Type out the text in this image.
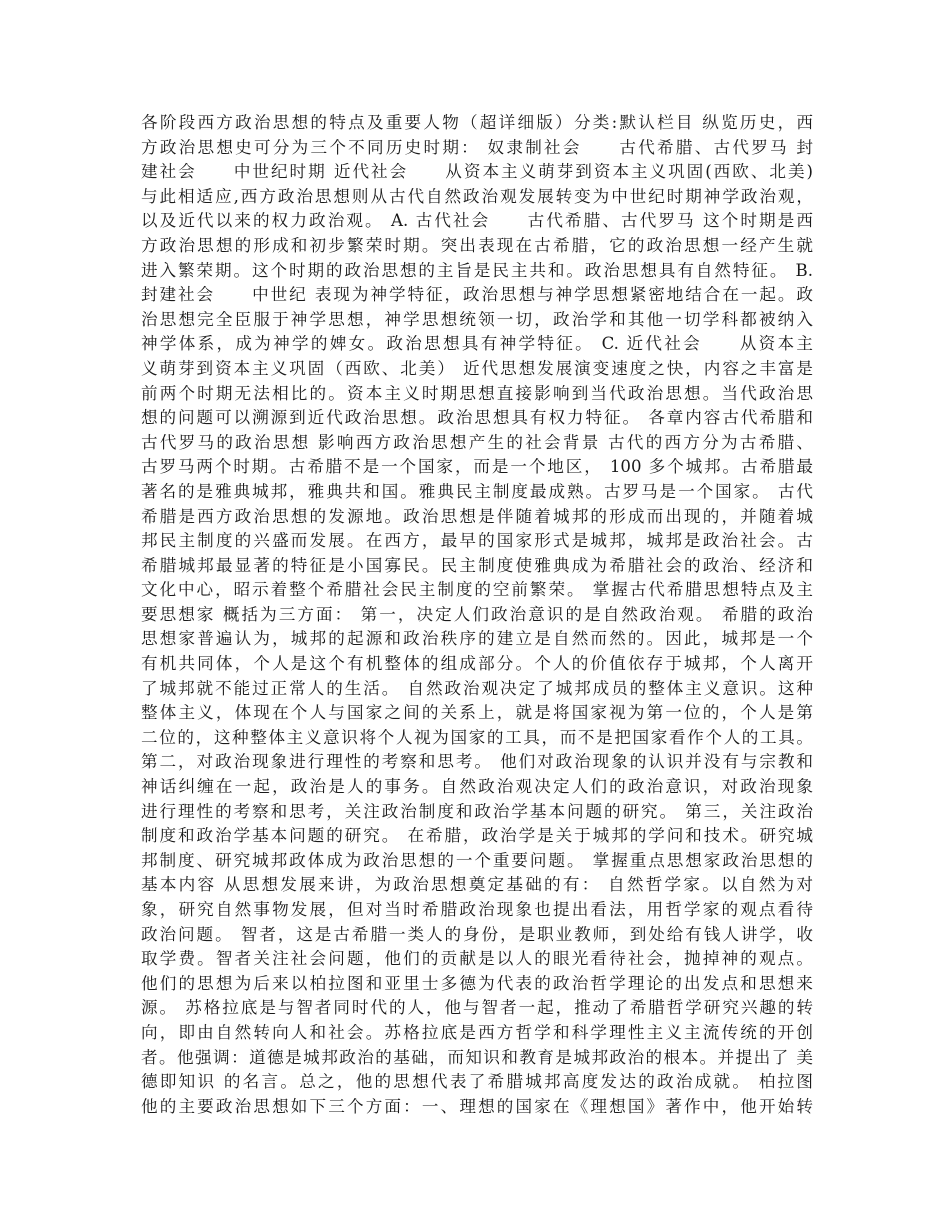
各阶段西方政治思想的特点及重要人物（超详细版）分类:默认栏目 纵览历史，西
方政治思想史可分为三个不同历史时期： 奴隶制社会　　古代希腊、古代罗马 封
建社会　　中世纪时期 近代社会　　从资本主义萌芽到资本主义巩固(西欧、北美)
与此相适应,西方政治思想则从古代自然政治观发展转变为中世纪时期神学政治观，
以及近代以来的权力政治观。 A. 古代社会　　古代希腊、古代罗马 这个时期是西
方政治思想的形成和初步繁荣时期。突出表现在古希腊，它的政治思想一经产生就
进入繁荣期。这个时期的政治思想的主旨是民主共和。政治思想具有自然特征。 B.
封建社会　　中世纪 表现为神学特征，政治思想与神学思想紧密地结合在一起。政
治思想完全臣服于神学思想，神学思想统领一切，政治学和其他一切学科都被纳入
神学体系，成为神学的婢女。政治思想具有神学特征。 C. 近代社会　　从资本主
义萌芽到资本主义巩固（西欧、北美） 近代思想发展演变速度之快，内容之丰富是
前两个时期无法相比的。资本主义时期思想直接影响到当代政治思想。当代政治思
想的问题可以溯源到近代政治思想。政治思想具有权力特征。 各章内容古代希腊和
古代罗马的政治思想 影响西方政治思想产生的社会背景 古代的西方分为古希腊、
古罗马两个时期。古希腊不是一个国家，而是一个地区， 100 多个城邦。古希腊最
著名的是雅典城邦，雅典共和国。雅典民主制度最成熟。古罗马是一个国家。 古代
希腊是西方政治思想的发源地。政治思想是伴随着城邦的形成而出现的，并随着城
邦民主制度的兴盛而发展。在西方，最早的国家形式是城邦，城邦是政治社会。古
希腊城邦最显著的特征是小国寡民。民主制度使雅典成为希腊社会的政治、经济和
文化中心，昭示着整个希腊社会民主制度的空前繁荣。 掌握古代希腊思想特点及主
要思想家 概括为三方面： 第一，决定人们政治意识的是自然政治观。 希腊的政治
思想家普遍认为，城邦的起源和政治秩序的建立是自然而然的。因此，城邦是一个
有机共同体，个人是这个有机整体的组成部分。个人的价值依存于城邦，个人离开
了城邦就不能过正常人的生活。 自然政治观决定了城邦成员的整体主义意识。这种
整体主义，体现在个人与国家之间的关系上，就是将国家视为第一位的，个人是第
二位的，这种整体主义意识将个人视为国家的工具，而不是把国家看作个人的工具。
第二，对政治现象进行理性的考察和思考。 他们对政治现象的认识并没有与宗教和
神话纠缠在一起，政治是人的事务。自然政治观决定人们的政治意识，对政治现象
进行理性的考察和思考，关注政治制度和政治学基本问题的研究。 第三，关注政治
制度和政治学基本问题的研究。 在希腊，政治学是关于城邦的学问和技术。研究城
邦制度、研究城邦政体成为政治思想的一个重要问题。 掌握重点思想家政治思想的
基本内容 从思想发展来讲，为政治思想奠定基础的有： 自然哲学家。以自然为对
象，研究自然事物发展，但对当时希腊政治现象也提出看法，用哲学家的观点看待
政治问题。 智者，这是古希腊一类人的身份，是职业教师，到处给有钱人讲学，收
取学费。智者关注社会问题，他们的贡献是以人的眼光看待社会，抛掉神的观点。
他们的思想为后来以柏拉图和亚里士多德为代表的政治哲学理论的出发点和思想来
源。 苏格拉底是与智者同时代的人，他与智者一起，推动了希腊哲学研究兴趣的转
向，即由自然转向人和社会。苏格拉底是西方哲学和科学理性主义主流传统的开创
者。他强调：道德是城邦政治的基础，而知识和教育是城邦政治的根本。并提出了 美
德即知识 的名言。总之，他的思想代表了希腊城邦高度发达的政治成就。 柏拉图
他的主要政治思想如下三个方面：一、理想的国家在《理想国》著作中，他开始转
